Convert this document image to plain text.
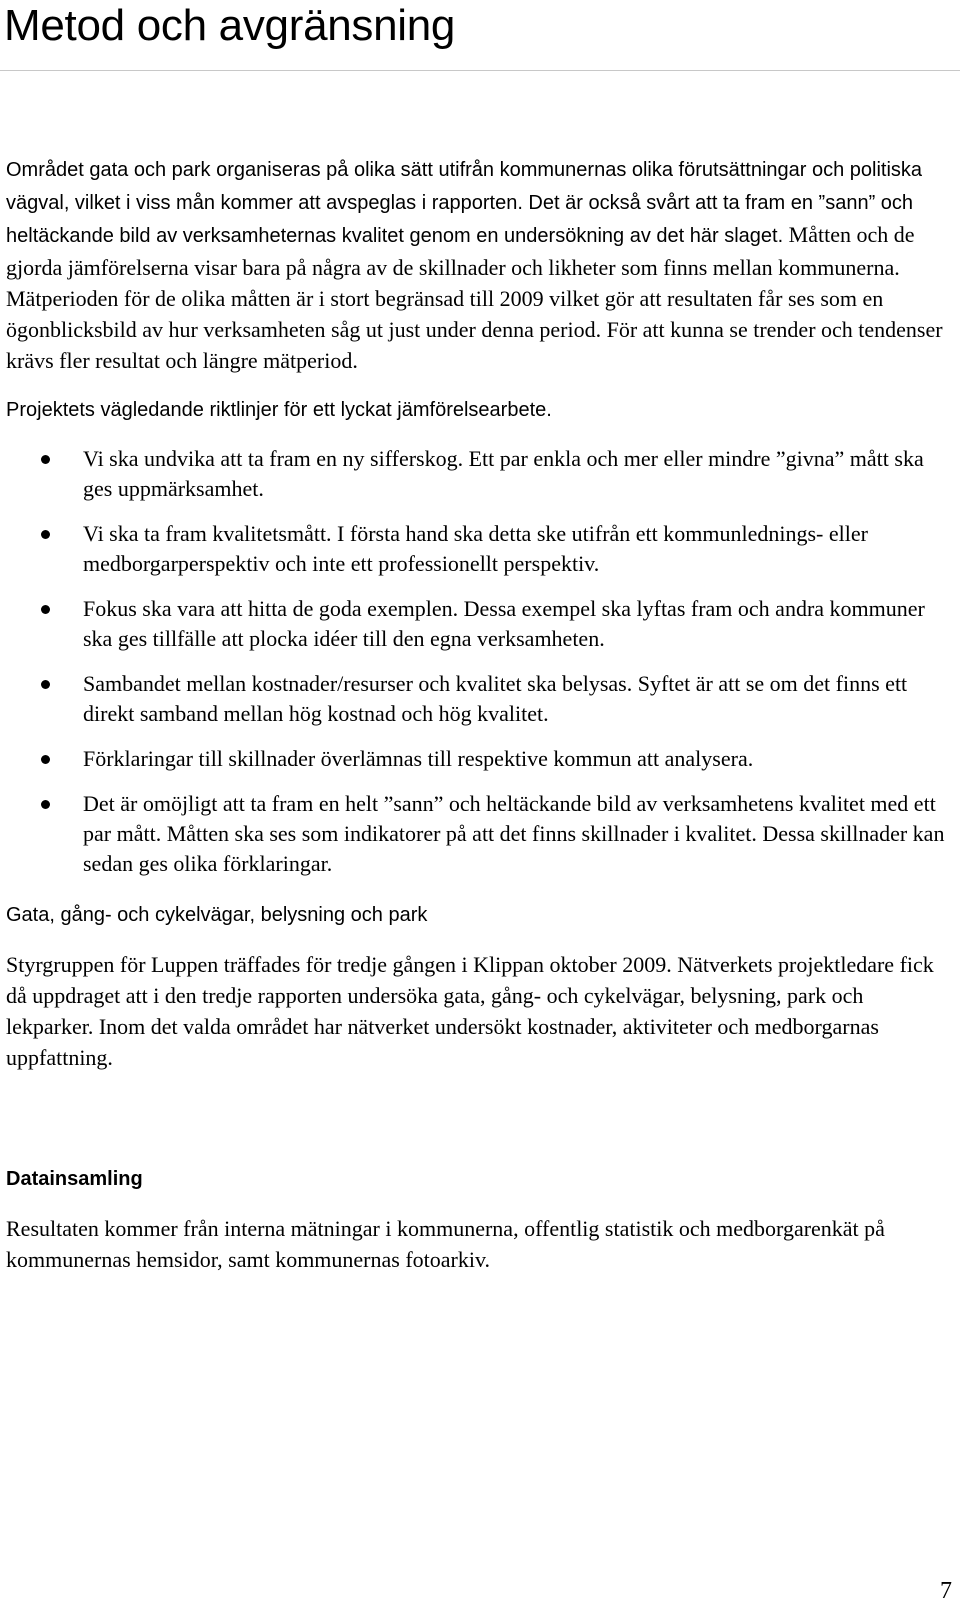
Metod och avgränsning

Området gata och park organiseras på olika sätt utifrån kommunernas olika förutsättningar och politiska vägval, vilket i viss mån kommer att avspeglas i rapporten. Det är också svårt att ta fram en ”sann” och heltäckande bild av verksamheternas kvalitet genom en undersökning av det här slaget. Måtten och de gjorda jämförelserna visar bara på några av de skillnader och likheter som finns mellan kommunerna. Mätperioden för de olika måtten är i stort begränsad till 2009 vilket gör att resultaten får ses som en ögonblicksbild av hur verksamheten såg ut just under denna period. För att kunna se trender och tendenser krävs fler resultat och längre mätperiod.

Projektets vägledande riktlinjer för ett lyckat jämförelsearbete.
Vi ska undvika att ta fram en ny sifferskog. Ett par enkla och mer eller mindre ”givna” mått ska ges uppmärksamhet.
Vi ska ta fram kvalitetsmått. I första hand ska detta ske utifrån ett kommunlednings- eller medborgarperspektiv och inte ett professionellt perspektiv.
Fokus ska vara att hitta de goda exemplen. Dessa exempel ska lyftas fram och andra kommuner ska ges tillfälle att plocka idéer till den egna verksamheten.
Sambandet mellan kostnader/resurser och kvalitet ska belysas. Syftet är att se om det finns ett direkt samband mellan hög kostnad och hög kvalitet.
Förklaringar till skillnader överlämnas till respektive kommun att analysera.
Det är omöjligt att ta fram en helt ”sann” och heltäckande bild av verksamhetens kvalitet med ett par mått. Måtten ska ses som indikatorer på att det finns skillnader i kvalitet. Dessa skillnader kan sedan ges olika förklaringar.
Gata, gång- och cykelvägar, belysning och park

Styrgruppen för Luppen träffades för tredje gången i Klippan oktober 2009. Nätverkets projektledare fick då uppdraget att i den tredje rapporten undersöka gata, gång- och cykelvägar, belysning, park och lekparker. Inom det valda området har nätverket undersökt kostnader, aktiviteter och medborgarnas uppfattning.

Datainsamling

Resultaten kommer från interna mätningar i kommunerna, offentlig statistik och medborgarenkät på kommunernas hemsidor, samt kommunernas fotoarkiv.

7
